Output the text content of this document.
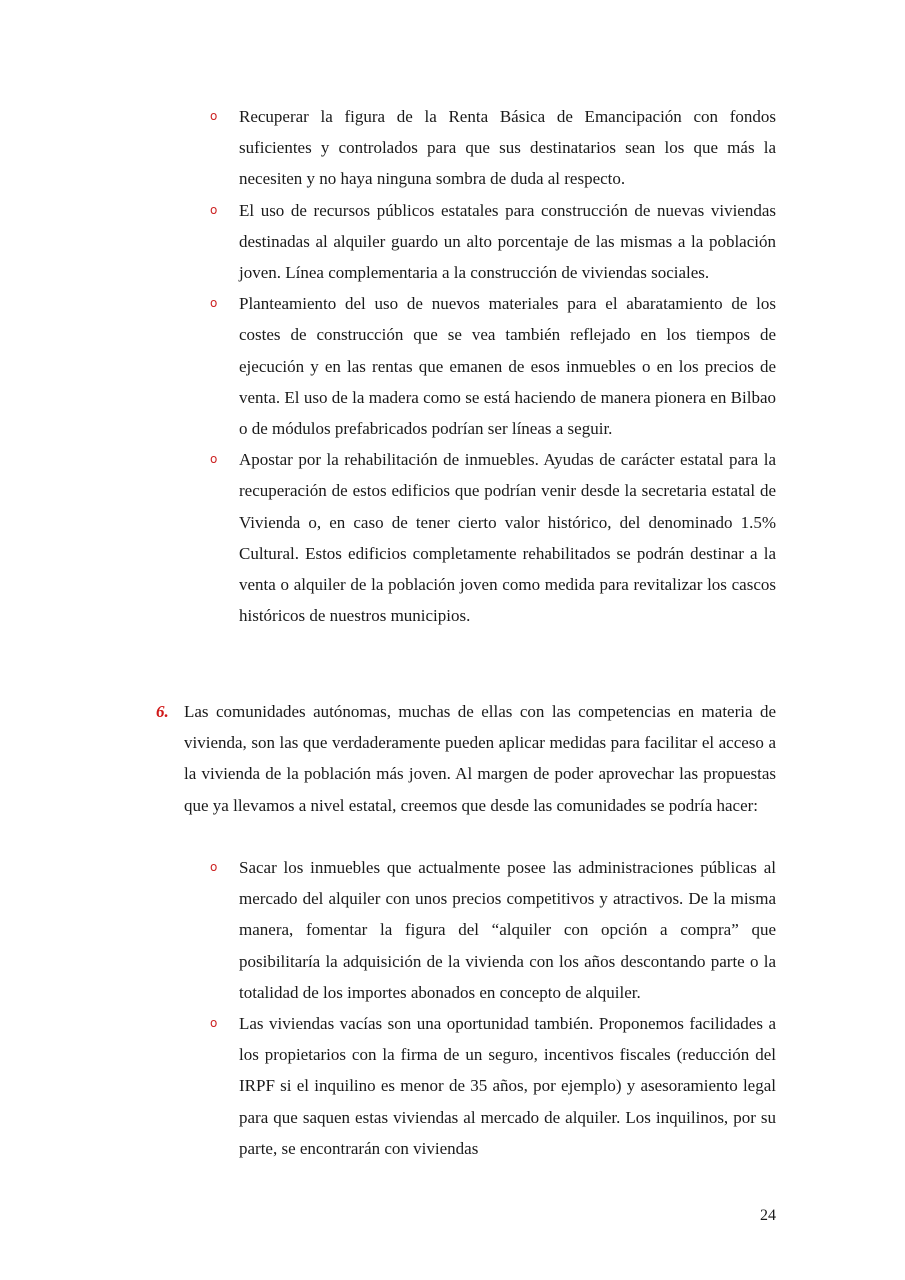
o Recuperar la figura de la Renta Básica de Emancipación con fondos suficientes y controlados para que sus destinatarios sean los que más la necesiten y no haya ninguna sombra de duda al respecto.
o El uso de recursos públicos estatales para construcción de nuevas viviendas destinadas al alquiler guardo un alto porcentaje de las mismas a la población joven. Línea complementaria a la construcción de viviendas sociales.
o Planteamiento del uso de nuevos materiales para el abaratamiento de los costes de construcción que se vea también reflejado en los tiempos de ejecución y en las rentas que emanen de esos inmuebles o en los precios de venta. El uso de la madera como se está haciendo de manera pionera en Bilbao o de módulos prefabricados podrían ser líneas a seguir.
o Apostar por la rehabilitación de inmuebles. Ayudas de carácter estatal para la recuperación de estos edificios que podrían venir desde la secretaria estatal de Vivienda o, en caso de tener cierto valor histórico, del denominado 1.5% Cultural. Estos edificios completamente rehabilitados se podrán destinar a la venta o alquiler de la población joven como medida para revitalizar los cascos históricos de nuestros municipios.
6. Las comunidades autónomas, muchas de ellas con las competencias en materia de vivienda, son las que verdaderamente pueden aplicar medidas para facilitar el acceso a la vivienda de la población más joven. Al margen de poder aprovechar las propuestas que ya llevamos a nivel estatal, creemos que desde las comunidades se podría hacer:
o Sacar los inmuebles que actualmente posee las administraciones públicas al mercado del alquiler con unos precios competitivos y atractivos. De la misma manera, fomentar la figura del “alquiler con opción a compra” que posibilitaría la adquisición de la vivienda con los años descontando parte o la totalidad de los importes abonados en concepto de alquiler.
o Las viviendas vacías son una oportunidad también. Proponemos facilidades a los propietarios con la firma de un seguro, incentivos fiscales (reducción del IRPF si el inquilino es menor de 35 años, por ejemplo) y asesoramiento legal para que saquen estas viviendas al mercado de alquiler. Los inquilinos, por su parte, se encontrarán con viviendas
24
